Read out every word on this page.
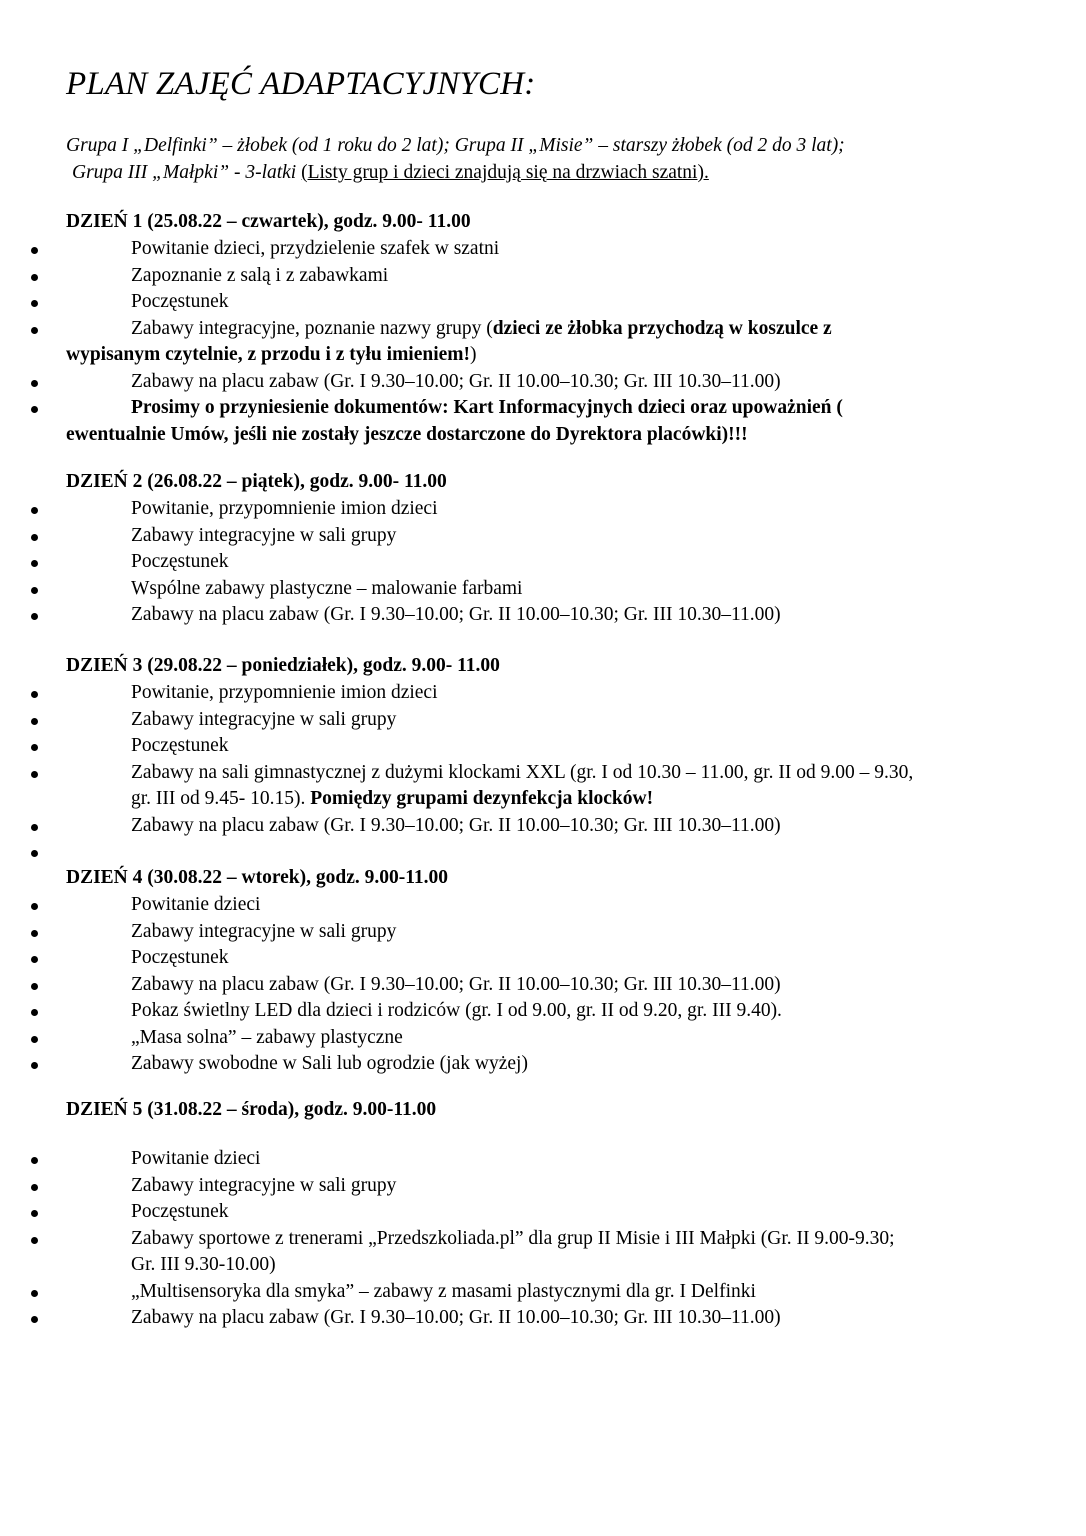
PLAN ZAJĘĆ ADAPTACYJNYCH:
Grupa I „Delfinki” – żłobek (od 1 roku do 2 lat); Grupa II „Misie” – starszy żłobek (od 2 do 3 lat);
Grupa III „Małpki” - 3-latki (Listy grup i dzieci znajdują się na drzwiach szatni).
DZIEŃ 1 (25.08.22 – czwartek), godz. 9.00- 11.00
Powitanie dzieci, przydzielenie szafek w szatni
Zapoznanie z salą i z zabawkami
Poczęstunek
Zabawy integracyjne, poznanie nazwy grupy (dzieci ze żłobka przychodzą w koszulce z
wypisanym czytelnie, z przodu i z tyłu imieniem!)
Zabawy na placu zabaw (Gr. I 9.30–10.00; Gr. II 10.00–10.30; Gr. III 10.30–11.00)
Prosimy o przyniesienie dokumentów: Kart Informacyjnych dzieci oraz upoważnień (
ewentualnie Umów, jeśli nie zostały jeszcze dostarczone do Dyrektora placówki)!!!
DZIEŃ 2 (26.08.22 – piątek), godz. 9.00- 11.00
Powitanie, przypomnienie imion dzieci
Zabawy integracyjne w sali grupy
Poczęstunek
Wspólne zabawy plastyczne – malowanie farbami
Zabawy na placu zabaw (Gr. I 9.30–10.00; Gr. II 10.00–10.30; Gr. III 10.30–11.00)
DZIEŃ 3 (29.08.22 – poniedziałek), godz. 9.00- 11.00
Powitanie, przypomnienie imion dzieci
Zabawy integracyjne w sali grupy
Poczęstunek
Zabawy na sali gimnastycznej z dużymi klockami XXL (gr. I od 10.30 – 11.00, gr. II od 9.00 – 9.30,
gr. III od 9.45- 10.15). Pomiędzy grupami dezynfekcja klocków!
Zabawy na placu zabaw (Gr. I 9.30–10.00; Gr. II 10.00–10.30; Gr. III 10.30–11.00)

DZIEŃ 4 (30.08.22 – wtorek), godz. 9.00-11.00
Powitanie dzieci
Zabawy integracyjne w sali grupy
Poczęstunek
Zabawy na placu zabaw (Gr. I 9.30–10.00; Gr. II 10.00–10.30; Gr. III 10.30–11.00)
Pokaz świetlny LED dla dzieci i rodziców (gr. I od 9.00, gr. II od 9.20, gr. III 9.40).
„Masa solna” – zabawy plastyczne
Zabawy swobodne w Sali lub ogrodzie (jak wyżej)
DZIEŃ 5 (31.08.22 – środa), godz. 9.00-11.00
Powitanie dzieci
Zabawy integracyjne w sali grupy
Poczęstunek
Zabawy sportowe z trenerami „Przedszkoliada.pl” dla grup II Misie i III Małpki (Gr. II 9.00-9.30;
Gr. III 9.30-10.00)
„Multisensoryka dla smyka” – zabawy z masami plastycznymi dla gr. I Delfinki
Zabawy na placu zabaw (Gr. I 9.30–10.00; Gr. II 10.00–10.30; Gr. III 10.30–11.00)
